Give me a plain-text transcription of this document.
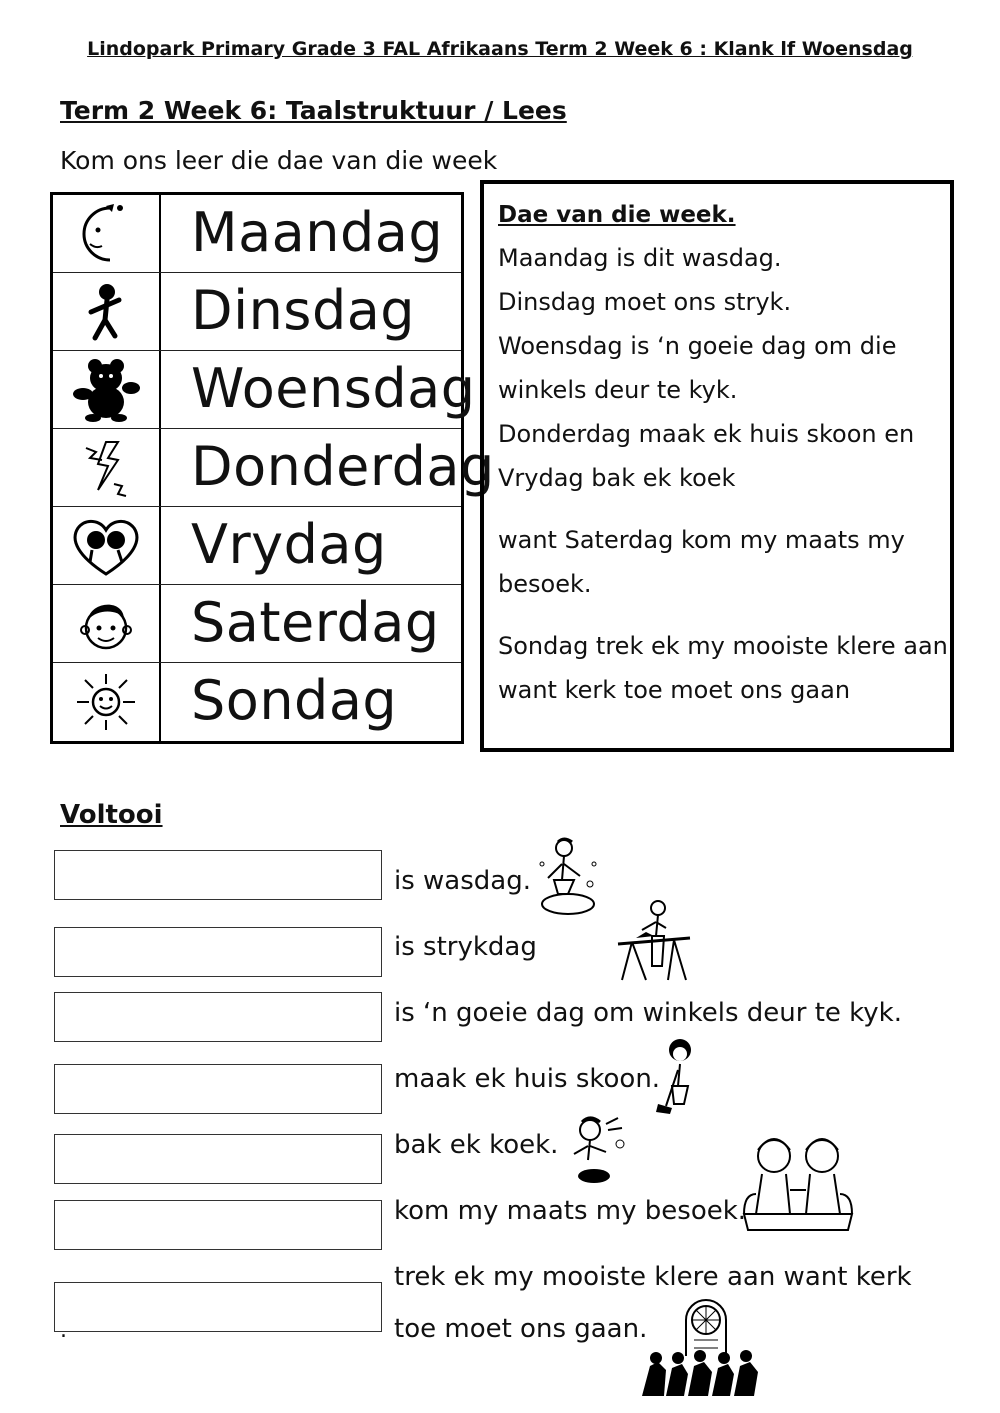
Lindopark Primary Grade 3 FAL Afrikaans Term 2 Week 6 : Klank lf Woensdag
Term 2 Week 6: Taalstruktuur / Lees
Kom ons leer die dae van die week
Maandag
Dinsdag
Woensdag
Donderdag
Vrydag
Saterdag
Sondag
Dae van die week.
Maandag is dit wasdag.
Dinsdag moet ons stryk.
Woensdag is ‘n goeie dag om die
winkels deur te kyk.
Donderdag maak ek huis skoon en
Vrydag bak ek koek
want Saterdag kom my maats my
besoek.
Sondag trek ek my mooiste klere aan
want kerk toe moet ons gaan
Voltooi
is wasdag.
is strykdag
is ‘n goeie dag om winkels deur te kyk.
maak ek huis skoon.
bak ek koek.
kom my maats my besoek.
trek ek my mooiste klere aan want kerk
toe moet ons gaan.
.
